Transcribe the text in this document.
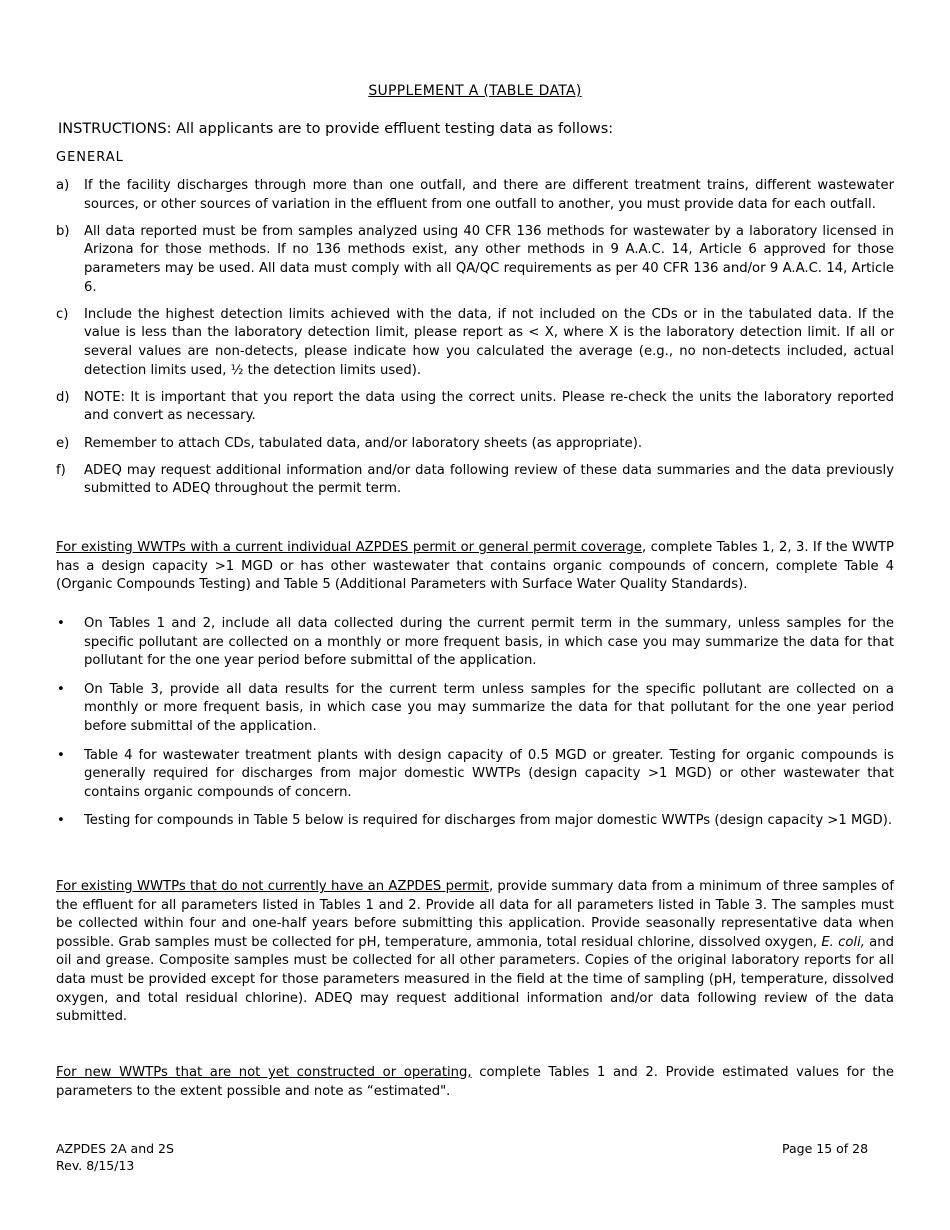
SUPPLEMENT A (TABLE DATA)
INSTRUCTIONS: All applicants are to provide effluent testing data as follows:
GENERAL
a) If the facility discharges through more than one outfall, and there are different treatment trains, different wastewater sources, or other sources of variation in the effluent from one outfall to another, you must provide data for each outfall.
b) All data reported must be from samples analyzed using 40 CFR 136 methods for wastewater by a laboratory licensed in Arizona for those methods. If no 136 methods exist, any other methods in 9 A.A.C. 14, Article 6 approved for those parameters may be used. All data must comply with all QA/QC requirements as per 40 CFR 136 and/or 9 A.A.C. 14, Article 6.
c) Include the highest detection limits achieved with the data, if not included on the CDs or in the tabulated data. If the value is less than the laboratory detection limit, please report as < X, where X is the laboratory detection limit. If all or several values are non-detects, please indicate how you calculated the average (e.g., no non-detects included, actual detection limits used, ½ the detection limits used).
d) NOTE: It is important that you report the data using the correct units. Please re-check the units the laboratory reported and convert as necessary.
e) Remember to attach CDs, tabulated data, and/or laboratory sheets (as appropriate).
f) ADEQ may request additional information and/or data following review of these data summaries and the data previously submitted to ADEQ throughout the permit term.

For existing WWTPs with a current individual AZPDES permit or general permit coverage, complete Tables 1, 2, 3. If the WWTP has a design capacity >1 MGD or has other wastewater that contains organic compounds of concern, complete Table 4 (Organic Compounds Testing) and Table 5 (Additional Parameters with Surface Water Quality Standards).

• On Tables 1 and 2, include all data collected during the current permit term in the summary, unless samples for the specific pollutant are collected on a monthly or more frequent basis, in which case you may summarize the data for that pollutant for the one year period before submittal of the application.
• On Table 3, provide all data results for the current term unless samples for the specific pollutant are collected on a monthly or more frequent basis, in which case you may summarize the data for that pollutant for the one year period before submittal of the application.
• Table 4 for wastewater treatment plants with design capacity of 0.5 MGD or greater. Testing for organic compounds is generally required for discharges from major domestic WWTPs (design capacity >1 MGD) or other wastewater that contains organic compounds of concern.
• Testing for compounds in Table 5 below is required for discharges from major domestic WWTPs (design capacity >1 MGD).

For existing WWTPs that do not currently have an AZPDES permit, provide summary data from a minimum of three samples of the effluent for all parameters listed in Tables 1 and 2. Provide all data for all parameters listed in Table 3. The samples must be collected within four and one-half years before submitting this application. Provide seasonally representative data when possible. Grab samples must be collected for pH, temperature, ammonia, total residual chlorine, dissolved oxygen, E. coli, and oil and grease. Composite samples must be collected for all other parameters. Copies of the original laboratory reports for all data must be provided except for those parameters measured in the field at the time of sampling (pH, temperature, dissolved oxygen, and total residual chlorine). ADEQ may request additional information and/or data following review of the data submitted.

For new WWTPs that are not yet constructed or operating, complete Tables 1 and 2. Provide estimated values for the parameters to the extent possible and note as “estimated".

AZPDES 2A and 2S
Rev. 8/15/13
Page 15 of 28
